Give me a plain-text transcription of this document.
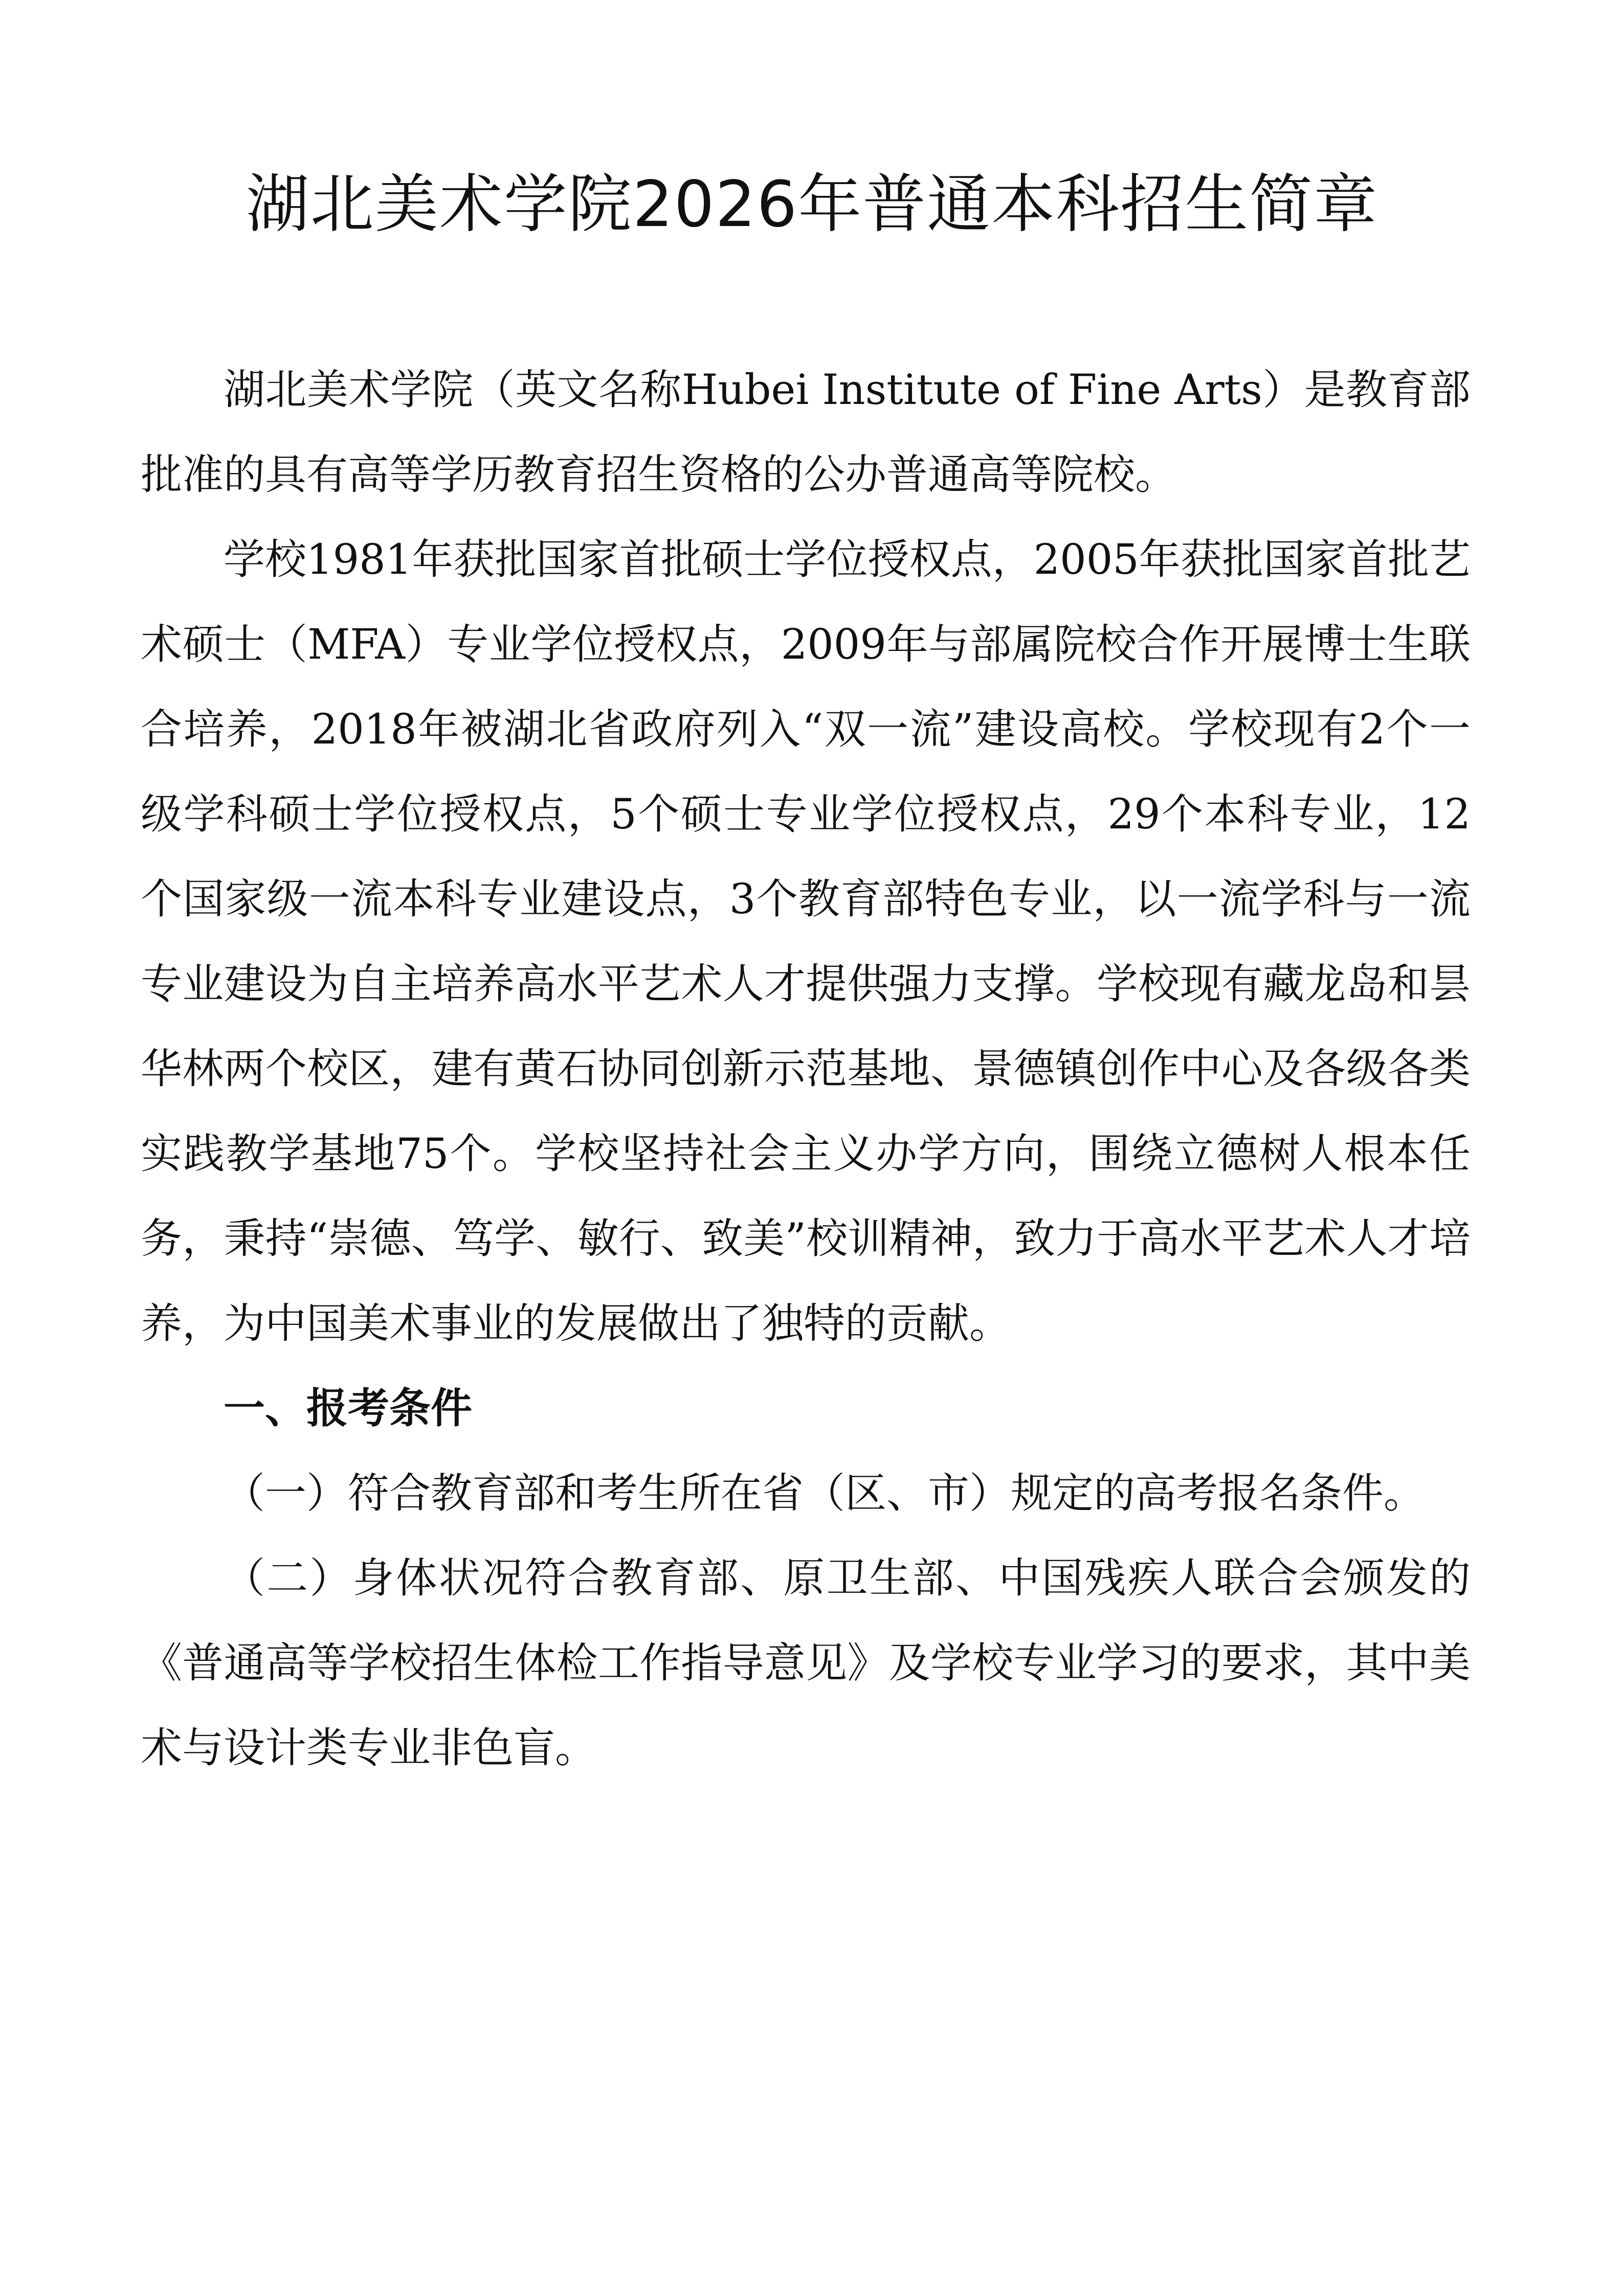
湖北美术学院2026年普通本科招生简章

湖北美术学院（英文名称Hubei Institute of Fine Arts）是教育部批准的具有高等学历教育招生资格的公办普通高等院校。

学校1981年获批国家首批硕士学位授权点，2005年获批国家首批艺术硕士（MFA）专业学位授权点，2009年与部属院校合作开展博士生联合培养，2018年被湖北省政府列入“双一流”建设高校。学校现有2个一级学科硕士学位授权点，5个硕士专业学位授权点，29个本科专业，12个国家级一流本科专业建设点，3个教育部特色专业，以一流学科与一流专业建设为自主培养高水平艺术人才提供强力支撑。学校现有藏龙岛和昙华林两个校区，建有黄石协同创新示范基地、景德镇创作中心及各级各类实践教学基地75个。学校坚持社会主义办学方向，围绕立德树人根本任务，秉持“崇德、笃学、敏行、致美”校训精神，致力于高水平艺术人才培养，为中国美术事业的发展做出了独特的贡献。

一、报考条件

（一）符合教育部和考生所在省（区、市）规定的高考报名条件。

（二）身体状况符合教育部、原卫生部、中国残疾人联合会颁发的《普通高等学校招生体检工作指导意见》及学校专业学习的要求，其中美术与设计类专业非色盲。
